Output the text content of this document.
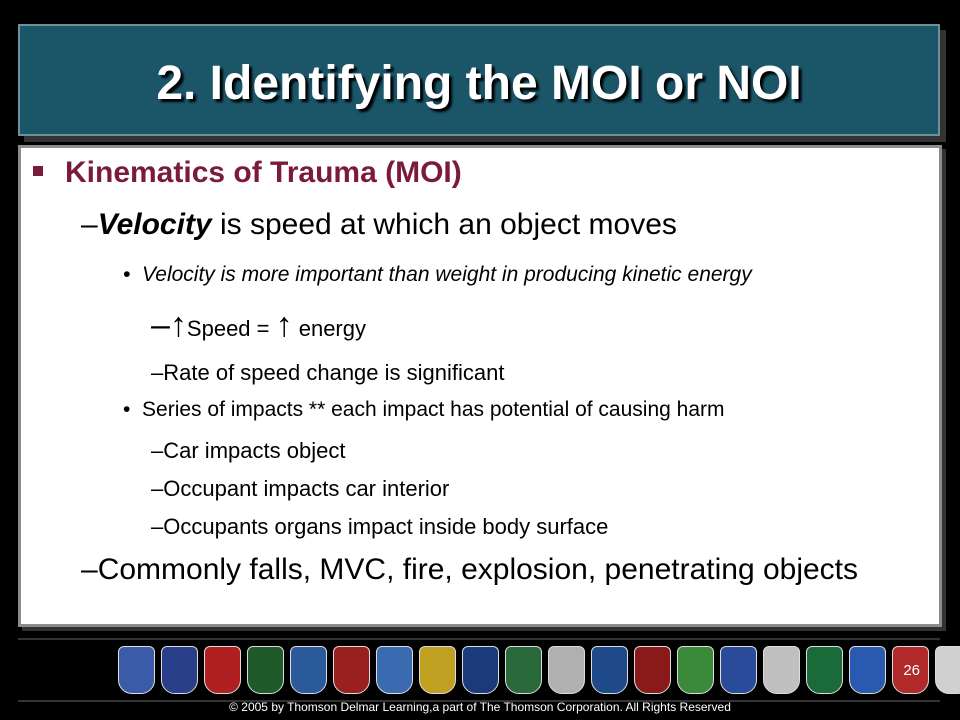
2. Identifying the MOI or NOI
Kinematics of Trauma (MOI)
–Velocity is speed at which an object moves
•  Velocity is more important than weight in producing kinetic energy
–↑Speed = ↑ energy
–Rate of speed change is significant
•  Series of impacts ** each impact has potential of causing harm
–Car impacts object
–Occupant impacts car interior
–Occupants organs impact inside body surface
–Commonly falls, MVC, fire, explosion, penetrating objects
26
© 2005 by Thomson Delmar Learning,a part of The Thomson Corporation. All Rights Reserved
